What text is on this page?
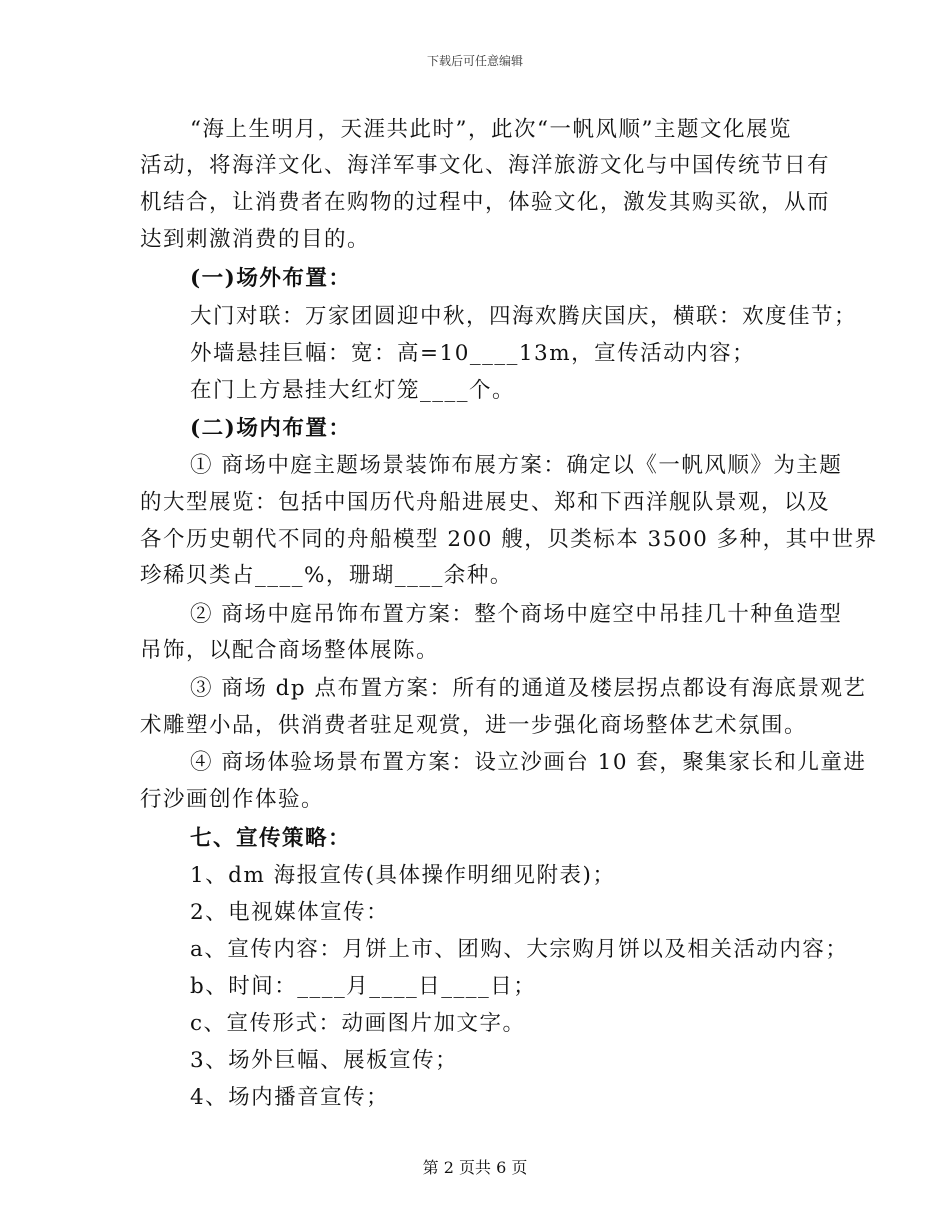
下载后可任意编辑
“海上生明月，天涯共此时”，此次“一帆风顺”主题文化展览
活动，将海洋文化、海洋军事文化、海洋旅游文化与中国传统节日有
机结合，让消费者在购物的过程中，体验文化，激发其购买欲，从而
达到刺激消费的目的。
(一)场外布置：
大门对联：万家团圆迎中秋，四海欢腾庆国庆，横联：欢度佳节；
外墙悬挂巨幅：宽：高=10____13m，宣传活动内容；
在门上方悬挂大红灯笼____个。
(二)场内布置：
① 商场中庭主题场景装饰布展方案：确定以《一帆风顺》为主题
的大型展览：包括中国历代舟船进展史、郑和下西洋舰队景观，以及
各个历史朝代不同的舟船模型 200 艘，贝类标本 3500 多种，其中世界
珍稀贝类占____%，珊瑚____余种。
② 商场中庭吊饰布置方案：整个商场中庭空中吊挂几十种鱼造型
吊饰，以配合商场整体展陈。
③ 商场 dp 点布置方案：所有的通道及楼层拐点都设有海底景观艺
术雕塑小品，供消费者驻足观赏，进一步强化商场整体艺术氛围。
④ 商场体验场景布置方案：设立沙画台 10 套，聚集家长和儿童进
行沙画创作体验。
七、宣传策略：
1、dm 海报宣传(具体操作明细见附表)；
2、电视媒体宣传：
a、宣传内容：月饼上市、团购、大宗购月饼以及相关活动内容；
b、时间：____月____日____日；
c、宣传形式：动画图片加文字。
3、场外巨幅、展板宣传；
4、场内播音宣传；
第 2 页共 6 页
